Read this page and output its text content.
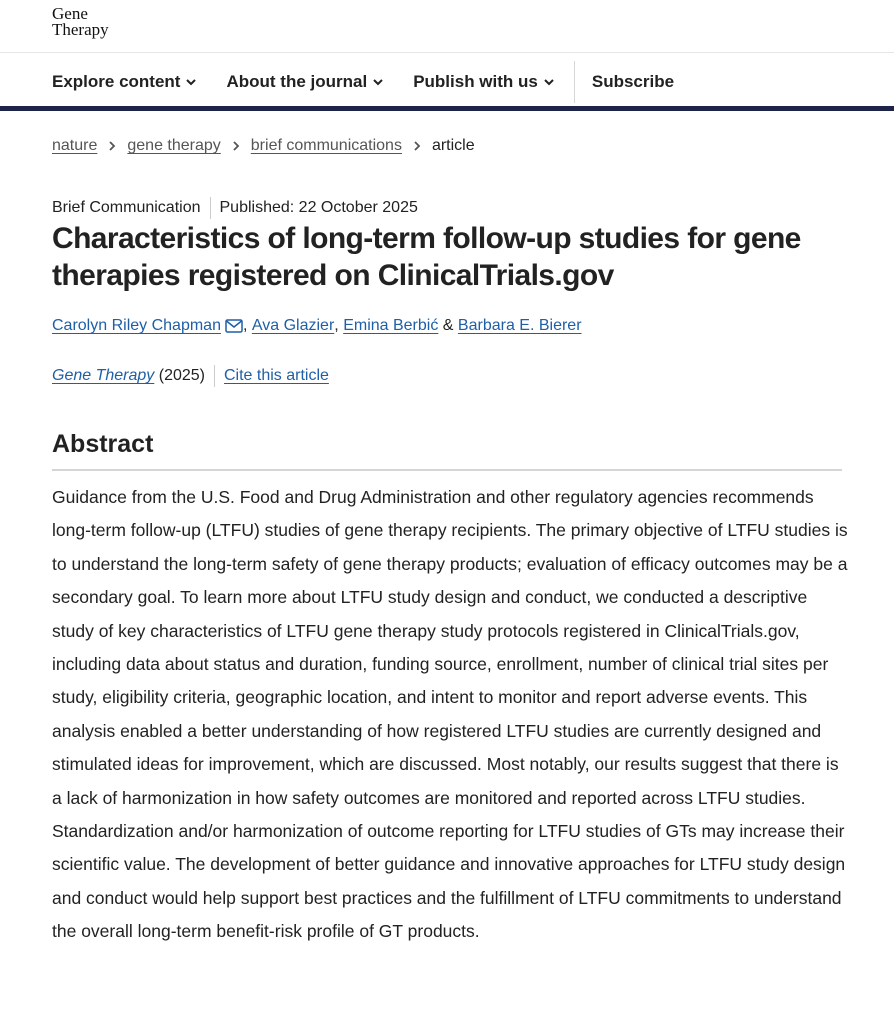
Gene
Therapy
Explore content	About the journal	Publish with us	Subscribe
nature gene therapy brief communications article
Brief Communication Published: 22 October 2025
Characteristics of long-term follow-up studies for gene therapies registered on ClinicalTrials.gov
Carolyn Riley Chapman ,
Ava Glazier ,
Emina Berbić
&
Barbara E. Bierer
Gene Therapy
(2025) Cite this article
Abstract

Guidance from the U.S. Food and Drug Administration and other regulatory agencies recommends long-term follow-up (LTFU) studies of gene therapy recipients. The primary objective of LTFU studies is to understand the long-term safety of gene therapy products; evaluation of efficacy outcomes may be a secondary goal. To learn more about LTFU study design and conduct, we conducted a descriptive study of key characteristics of LTFU gene therapy study protocols registered in ClinicalTrials.gov, including data about status and duration, funding source, enrollment, number of clinical trial sites per study, eligibility criteria, geographic location, and intent to monitor and report adverse events. This analysis enabled a better understanding of how registered LTFU studies are currently designed and stimulated ideas for improvement, which are discussed. Most notably, our results suggest that there is a lack of harmonization in how safety outcomes are monitored and reported across LTFU studies. Standardization and/or harmonization of outcome reporting for LTFU studies of GTs may increase their scientific value. The development of better guidance and innovative approaches for LTFU study design and conduct would help support best practices and the fulfillment of LTFU commitments to understand the overall long-term benefit-risk profile of GT products.
